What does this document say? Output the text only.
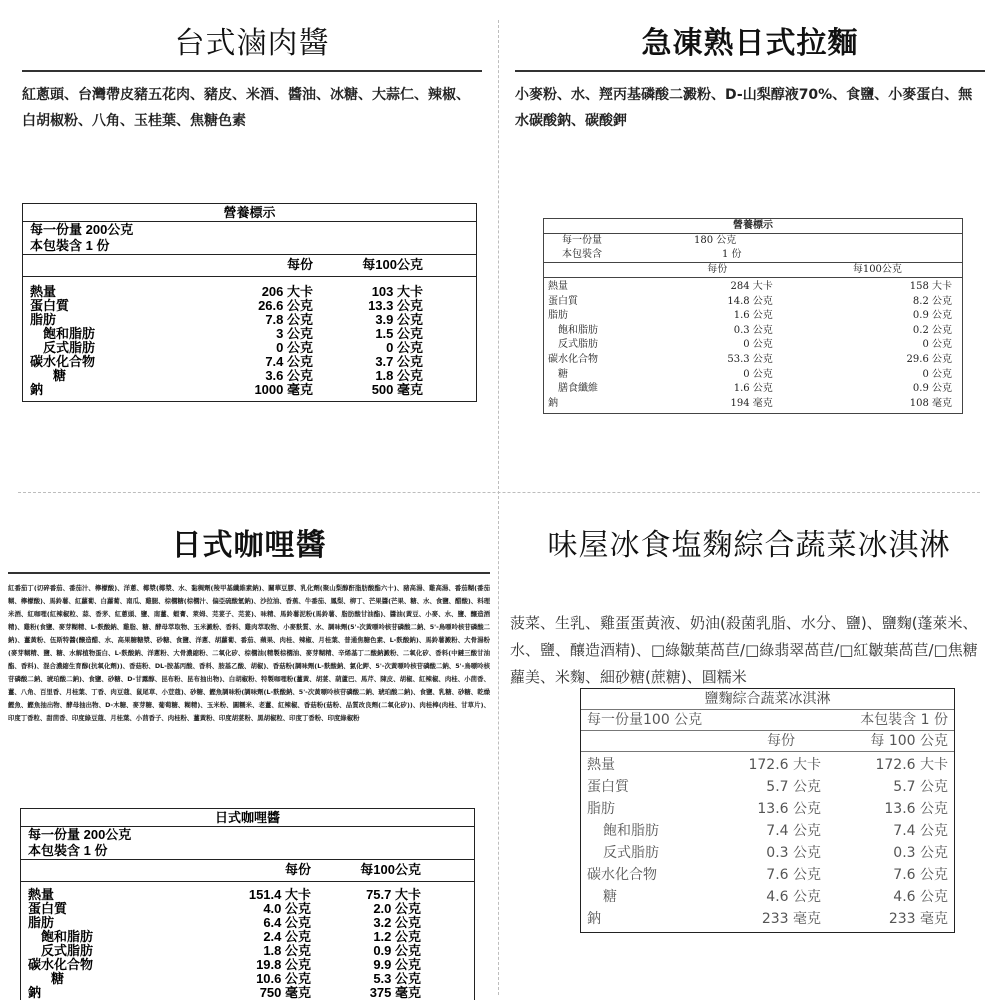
台式滷肉醬
紅蔥頭、台灣帶皮豬五花肉、豬皮、米酒、醬油、冰糖、大蒜仁、辣椒、白胡椒粉、八角、玉桂葉、焦糖色素
營養標示
每一份量 200公克
本包裝含 1 份
每份	每100公克
熱量	206 大卡	103 大卡
蛋白質	26.6 公克	13.3 公克
脂肪	7.8 公克	3.9 公克
飽和脂肪	3 公克	1.5 公克
反式脂肪	0 公克	0 公克
碳水化合物	7.4 公克	3.7 公克
糖	3.6 公克	1.8 公克
鈉	1000 毫克	500 毫克
急凍熟日式拉麵
小麥粉、水、羥丙基磷酸二澱粉、D-山梨醇液70%、食鹽、小麥蛋白、無水碳酸鈉、碳酸鉀
營養標示
每一份量	180 公克
本包裝含	1 份
每份	每100公克
熱量	284 大卡	158 大卡
蛋白質	14.8 公克	8.2 公克
脂肪	1.6 公克	0.9 公克
飽和脂肪	0.3 公克	0.2 公克
反式脂肪	0 公克	0 公克
碳水化合物	53.3 公克	29.6 公克
糖	0 公克	0 公克
膳食纖維	1.6 公克	0.9 公克
鈉	194 毫克	108 毫克
日式咖哩醬
紅番茄丁(切碎番茄、番茄汁、檸檬酸)、洋蔥、椰漿(椰漿、水、黏稠劑(羧甲基纖維素鈉)、關華豆膠、乳化劑(聚山梨醇酐脂肪酸酯六十)、豬高湯、雞高湯、番茄糊(番茄糊、檸檬酸)、馬鈴薯、紅蘿蔔、白蘿蔔、南瓜、雞腿、棕櫚糖(棕櫚汁、偏亞硫酸氫鈉)、沙拉油、香蕉、牛番茄、鳳梨、柳丁、芒果醬(芒果、糖、水、食鹽、醋酸)、料理米酒、紅咖哩(紅辣椒粒、蒜、香茅、紅蔥頭、鹽、南薑、蝦膏、萊姆、芫荽子、芫荽)、味精、馬鈴薯泥粉(馬鈴薯、脂肪酸甘油酯)、醬油(黃豆、小麥、水、鹽、釀造酒精)、雞粉(食鹽、麥芽糊精、L-麩酸鈉、雞脂、糖、酵母萃取物、玉米澱粉、香料、雞肉萃取物、小麥麩質、水、調味劑(5'-次黃嘌呤核苷磷酸二鈉、5'-鳥嘌呤核苷磷酸二鈉)、薑黃粉、伍斯特醬(醸造醋、水、高果糖糖漿、砂糖、食鹽、洋蔥、胡蘿蔔、番茄、蘋果、肉桂、辣椒、月桂葉、普通焦糖色素、L-麩酸鈉)、馬鈴薯澱粉、大骨湯粉(麥芽糊精、鹽、糖、水解植物蛋白、L-麩酸鈉、洋蔥粉、大骨濃縮粉、二氧化矽、棕櫚油(精製棕櫚油、麥芽糊精、辛烯基丁二酸鈉澱粉、二氧化矽、香料(中鏈三酸甘油酯、香料)、混合濃縮生育醇(抗氧化劑))、香菇粉、DL-胺基丙酸、香料、胺基乙酸、胡椒)、香菇粉(調味劑(L-麩酸鈉、氯化鉀、5'-次黃嘌呤核苷磷酸二鈉、5'-鳥嘌呤核苷磷酸二鈉、琥珀酸二鈉)、食鹽、砂糖、D-甘露醇、昆布粉、昆布抽出物)、白胡椒粉、特製咖哩粉(薑黃、胡荽、葫蘆巴、馬芹、陳皮、胡椒、紅辣椒、肉桂、小茴香、薑、八角、百里香、月桂葉、丁香、肉豆蔻、鼠尾草、小荳蔻)、砂糖、鰹魚調味粉(調味劑(L-麩酸鈉、5'-次黃嘌呤核苷磷酸二鈉、琥珀酸二鈉)、食鹽、乳糖、砂糖、乾燥鰹魚、鰹魚抽出物、酵母抽出物、D-木糖、麥芽糖、葡萄糖、糊精)、玉米粉、圓糯米、老薑、紅辣椒、香菇粉(菇粉、品質改良劑(二氧化矽))、肉桂棒(肉桂、甘草片)、印度丁香粒、甜茴香、印度綠豆蔻、月桂葉、小茴香子、肉桂粉、薑黃粉、印度胡荽粉、黑胡椒粒、印度丁香粉、印度綠椒粉
日式咖哩醬
每一份量 200公克
本包裝含 1 份
每份	每100公克
熱量	151.4 大卡	75.7 大卡
蛋白質	4.0 公克	2.0 公克
脂肪	6.4 公克	3.2 公克
飽和脂肪	2.4 公克	1.2 公克
反式脂肪	1.8 公克	0.9 公克
碳水化合物	19.8 公克	9.9 公克
糖	10.6 公克	5.3 公克
鈉	750 毫克	375 毫克
味屋冰食塩麴綜合蔬菜冰淇淋
菠菜、生乳、雞蛋蛋黃液、奶油(殺菌乳脂、水分、鹽)、鹽麴(蓬萊米、水、鹽、釀造酒精)、□綠皺葉萵苣/□綠翡翠萵苣/□紅皺葉萵苣/□焦糖蘿美、米麴、細砂糖(蔗糖)、圓糯米
鹽麴綜合蔬菜冰淇淋
每一份量100 公克	本包裝含 1 份
每份	每 100 公克
熱量	172.6 大卡	172.6 大卡
蛋白質	5.7 公克	5.7 公克
脂肪	13.6 公克	13.6 公克
飽和脂肪	7.4 公克	7.4 公克
反式脂肪	0.3 公克	0.3 公克
碳水化合物	7.6 公克	7.6 公克
糖	4.6 公克	4.6 公克
鈉	233 毫克	233 毫克
